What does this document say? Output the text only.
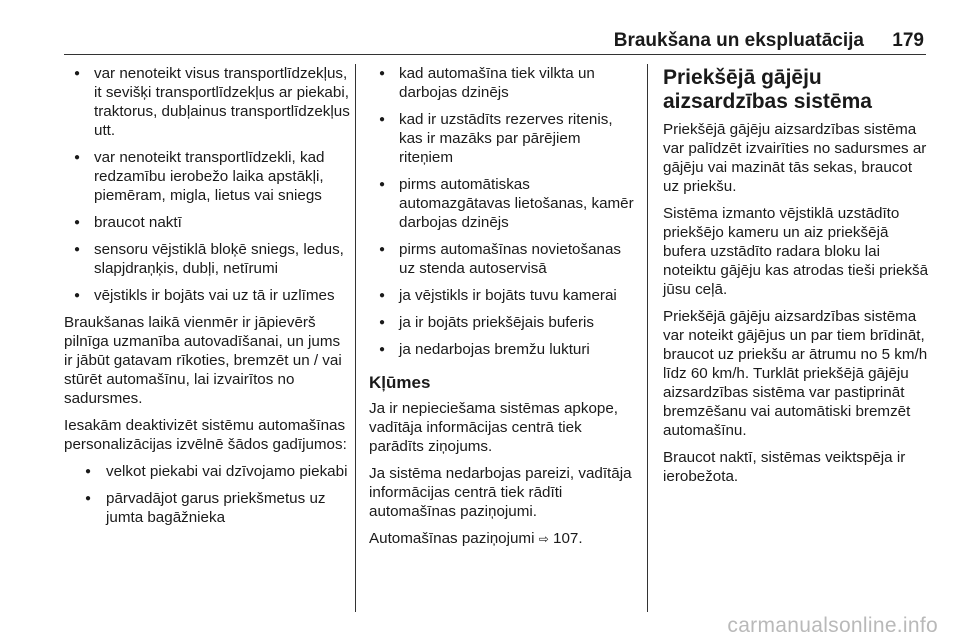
Braukšana un ekspluatācija 179
● var nenoteikt visus transportlīdzekļus, it sevišķi transportlīdzekļus ar piekabi, traktorus, dubļainus transportlīdzekļus utt.
● var nenoteikt transportlīdzekli, kad redzamību ierobežo laika apstākļi, piemēram, migla, lietus vai sniegs
● braucot naktī
● sensoru vējstiklā bloķē sniegs, ledus, slapjdraņķis, dubļi, netīrumi
● vējstikls ir bojāts vai uz tā ir uzlīmes

Braukšanas laikā vienmēr ir jāpievērš pilnīga uzmanība autovadīšanai, un jums ir jābūt gatavam rīkoties, bremzēt un / vai stūrēt automašīnu, lai izvairītos no sadursmes.

Iesakām deaktivizēt sistēmu automašīnas personalizācijas izvēlnē šādos gadījumos:

● velkot piekabi vai dzīvojamo piekabi
● pārvadājot garus priekšmetus uz jumta bagāžnieka
● kad automašīna tiek vilkta un darbojas dzinējs
● kad ir uzstādīts rezerves ritenis, kas ir mazāks par pārējiem riteņiem
● pirms automātiskas automazgātavas lietošanas, kamēr darbojas dzinējs
● pirms automašīnas novietošanas uz stenda autoservisā
● ja vējstikls ir bojāts tuvu kamerai
● ja ir bojāts priekšējais buferis
● ja nedarbojas bremžu lukturi
Kļūmes

Ja ir nepieciešama sistēmas apkope, vadītāja informācijas centrā tiek parādīts ziņojums.

Ja sistēma nedarbojas pareizi, vadītāja informācijas centrā tiek rādīti automašīnas paziņojumi.

Automašīnas paziņojumi ⇨ 107.

Priekšējā gājēju aizsardzības sistēma

Priekšējā gājēju aizsardzības sistēma var palīdzēt izvairīties no sadursmes ar gājēju vai mazināt tās sekas, braucot uz priekšu.

Sistēma izmanto vējstiklā uzstādīto priekšējo kameru un aiz priekšējā bufera uzstādīto radara bloku lai noteiktu gājēju kas atrodas tieši priekšā jūsu ceļā.

Priekšējā gājēju aizsardzības sistēma var noteikt gājējus un par tiem brīdināt, braucot uz priekšu ar ātrumu no 5 km/h līdz 60 km/h. Turklāt priekšējā gājēju aizsardzības sistēma var pastiprināt bremzēšanu vai automātiski bremzēt automašīnu.

Braucot naktī, sistēmas veiktspēja ir ierobežota.

carmanualsonline.info
